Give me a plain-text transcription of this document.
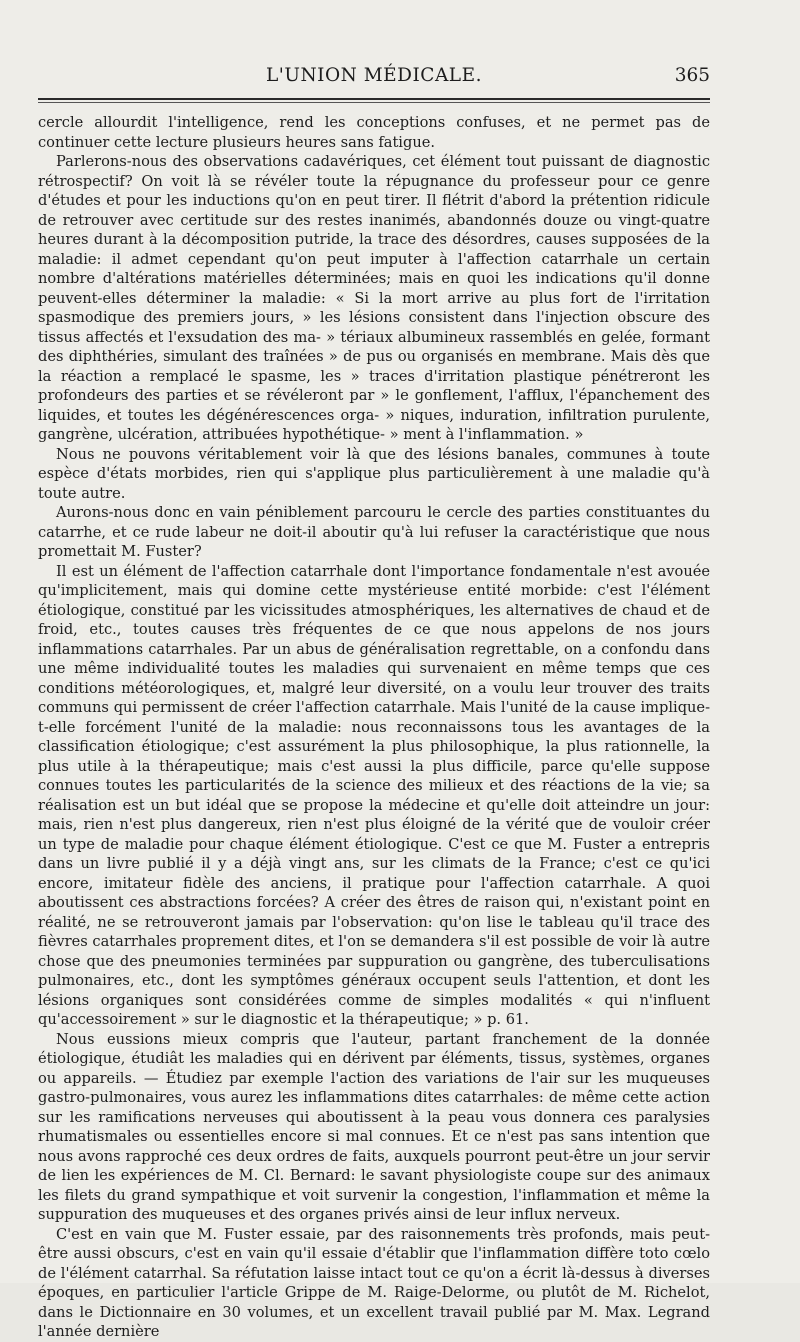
L'UNION MÉDICALE.	365

cercle allourdit l'intelligence, rend les conceptions confuses, et ne permet pas de continuer cette lecture plusieurs heures sans fatigue.

Parlerons-nous des observations cadavériques, cet élément tout puissant de diagnostic rétrospectif? On voit là se révéler toute la répugnance du professeur pour ce genre d'études et pour les inductions qu'on en peut tirer. Il flétrit d'abord la prétention ridicule de retrouver avec certitude sur des restes inanimés, abandonnés douze ou vingt-quatre heures durant à la décomposition putride, la trace des désordres, causes supposées de la maladie: il admet cependant qu'on peut imputer à l'affection catarrhale un certain nombre d'altérations matérielles déterminées; mais en quoi les indications qu'il donne peuvent-elles déterminer la maladie: « Si la mort arrive au plus fort de l'irritation spasmodique des premiers jours, » les lésions consistent dans l'injection obscure des tissus affectés et l'exsudation des ma- » tériaux albumineux rassemblés en gelée, formant des diphthéries, simulant des traînées » de pus ou organisés en membrane. Mais dès que la réaction a remplacé le spasme, les » traces d'irritation plastique pénétreront les profondeurs des parties et se révéleront par » le gonflement, l'afflux, l'épanchement des liquides, et toutes les dégénérescences orga- » niques, induration, infiltration purulente, gangrène, ulcération, attribuées hypothétique- » ment à l'inflammation. »

Nous ne pouvons véritablement voir là que des lésions banales, communes à toute espèce d'états morbides, rien qui s'applique plus particulièrement à une maladie qu'à toute autre.

Aurons-nous donc en vain péniblement parcouru le cercle des parties constituantes du catarrhe, et ce rude labeur ne doit-il aboutir qu'à lui refuser la caractéristique que nous promettait M. Fuster?

Il est un élément de l'affection catarrhale dont l'importance fondamentale n'est avouée qu'implicitement, mais qui domine cette mystérieuse entité morbide: c'est l'élément étiologique, constitué par les vicissitudes atmosphériques, les alternatives de chaud et de froid, etc., toutes causes très fréquentes de ce que nous appelons de nos jours inflammations catarrhales. Par un abus de généralisation regrettable, on a confondu dans une même individualité toutes les maladies qui survenaient en même temps que ces conditions météorologiques, et, malgré leur diversité, on a voulu leur trouver des traits communs qui permissent de créer l'affection catarrhale. Mais l'unité de la cause implique-t-elle forcément l'unité de la maladie: nous reconnaissons tous les avantages de la classification étiologique; c'est assurément la plus philosophique, la plus rationnelle, la plus utile à la thérapeutique; mais c'est aussi la plus difficile, parce qu'elle suppose connues toutes les particularités de la science des milieux et des réactions de la vie; sa réalisation est un but idéal que se propose la médecine et qu'elle doit atteindre un jour: mais, rien n'est plus dangereux, rien n'est plus éloigné de la vérité que de vouloir créer un type de maladie pour chaque élément étiologique. C'est ce que M. Fuster a entrepris dans un livre publié il y a déjà vingt ans, sur les climats de la France; c'est ce qu'ici encore, imitateur fidèle des anciens, il pratique pour l'affection catarrhale. A quoi aboutissent ces abstractions forcées? A créer des êtres de raison qui, n'existant point en réalité, ne se retrouveront jamais par l'observation: qu'on lise le tableau qu'il trace des fièvres catarrhales proprement dites, et l'on se demandera s'il est possible de voir là autre chose que des pneumonies terminées par suppuration ou gangrène, des tuberculisations pulmonaires, etc., dont les symptômes généraux occupent seuls l'attention, et dont les lésions organiques sont considérées comme de simples modalités « qui n'influent qu'accessoirement » sur le diagnostic et la thérapeutique; » p. 61.

Nous eussions mieux compris que l'auteur, partant franchement de la donnée étiologique, étudiât les maladies qui en dérivent par éléments, tissus, systèmes, organes ou appareils. — Étudiez par exemple l'action des variations de l'air sur les muqueuses gastro-pulmonaires, vous aurez les inflammations dites catarrhales: de même cette action sur les ramifications nerveuses qui aboutissent à la peau vous donnera ces paralysies rhumatismales ou essentielles encore si mal connues. Et ce n'est pas sans intention que nous avons rapproché ces deux ordres de faits, auxquels pourront peut-être un jour servir de lien les expériences de M. Cl. Bernard: le savant physiologiste coupe sur des animaux les filets du grand sympathique et voit survenir la congestion, l'inflammation et même la suppuration des muqueuses et des organes privés ainsi de leur influx nerveux.

C'est en vain que M. Fuster essaie, par des raisonnements très profonds, mais peut-être aussi obscurs, c'est en vain qu'il essaie d'établir que l'inflammation diffère toto cœlo de l'élément catarrhal. Sa réfutation laisse intact tout ce qu'on a écrit là-dessus à diverses époques, en particulier l'article Grippe de M. Raige-Delorme, ou plutôt de M. Richelot, dans le Dictionnaire en 30 volumes, et un excellent travail publié par M. Max. Legrand l'année dernière
